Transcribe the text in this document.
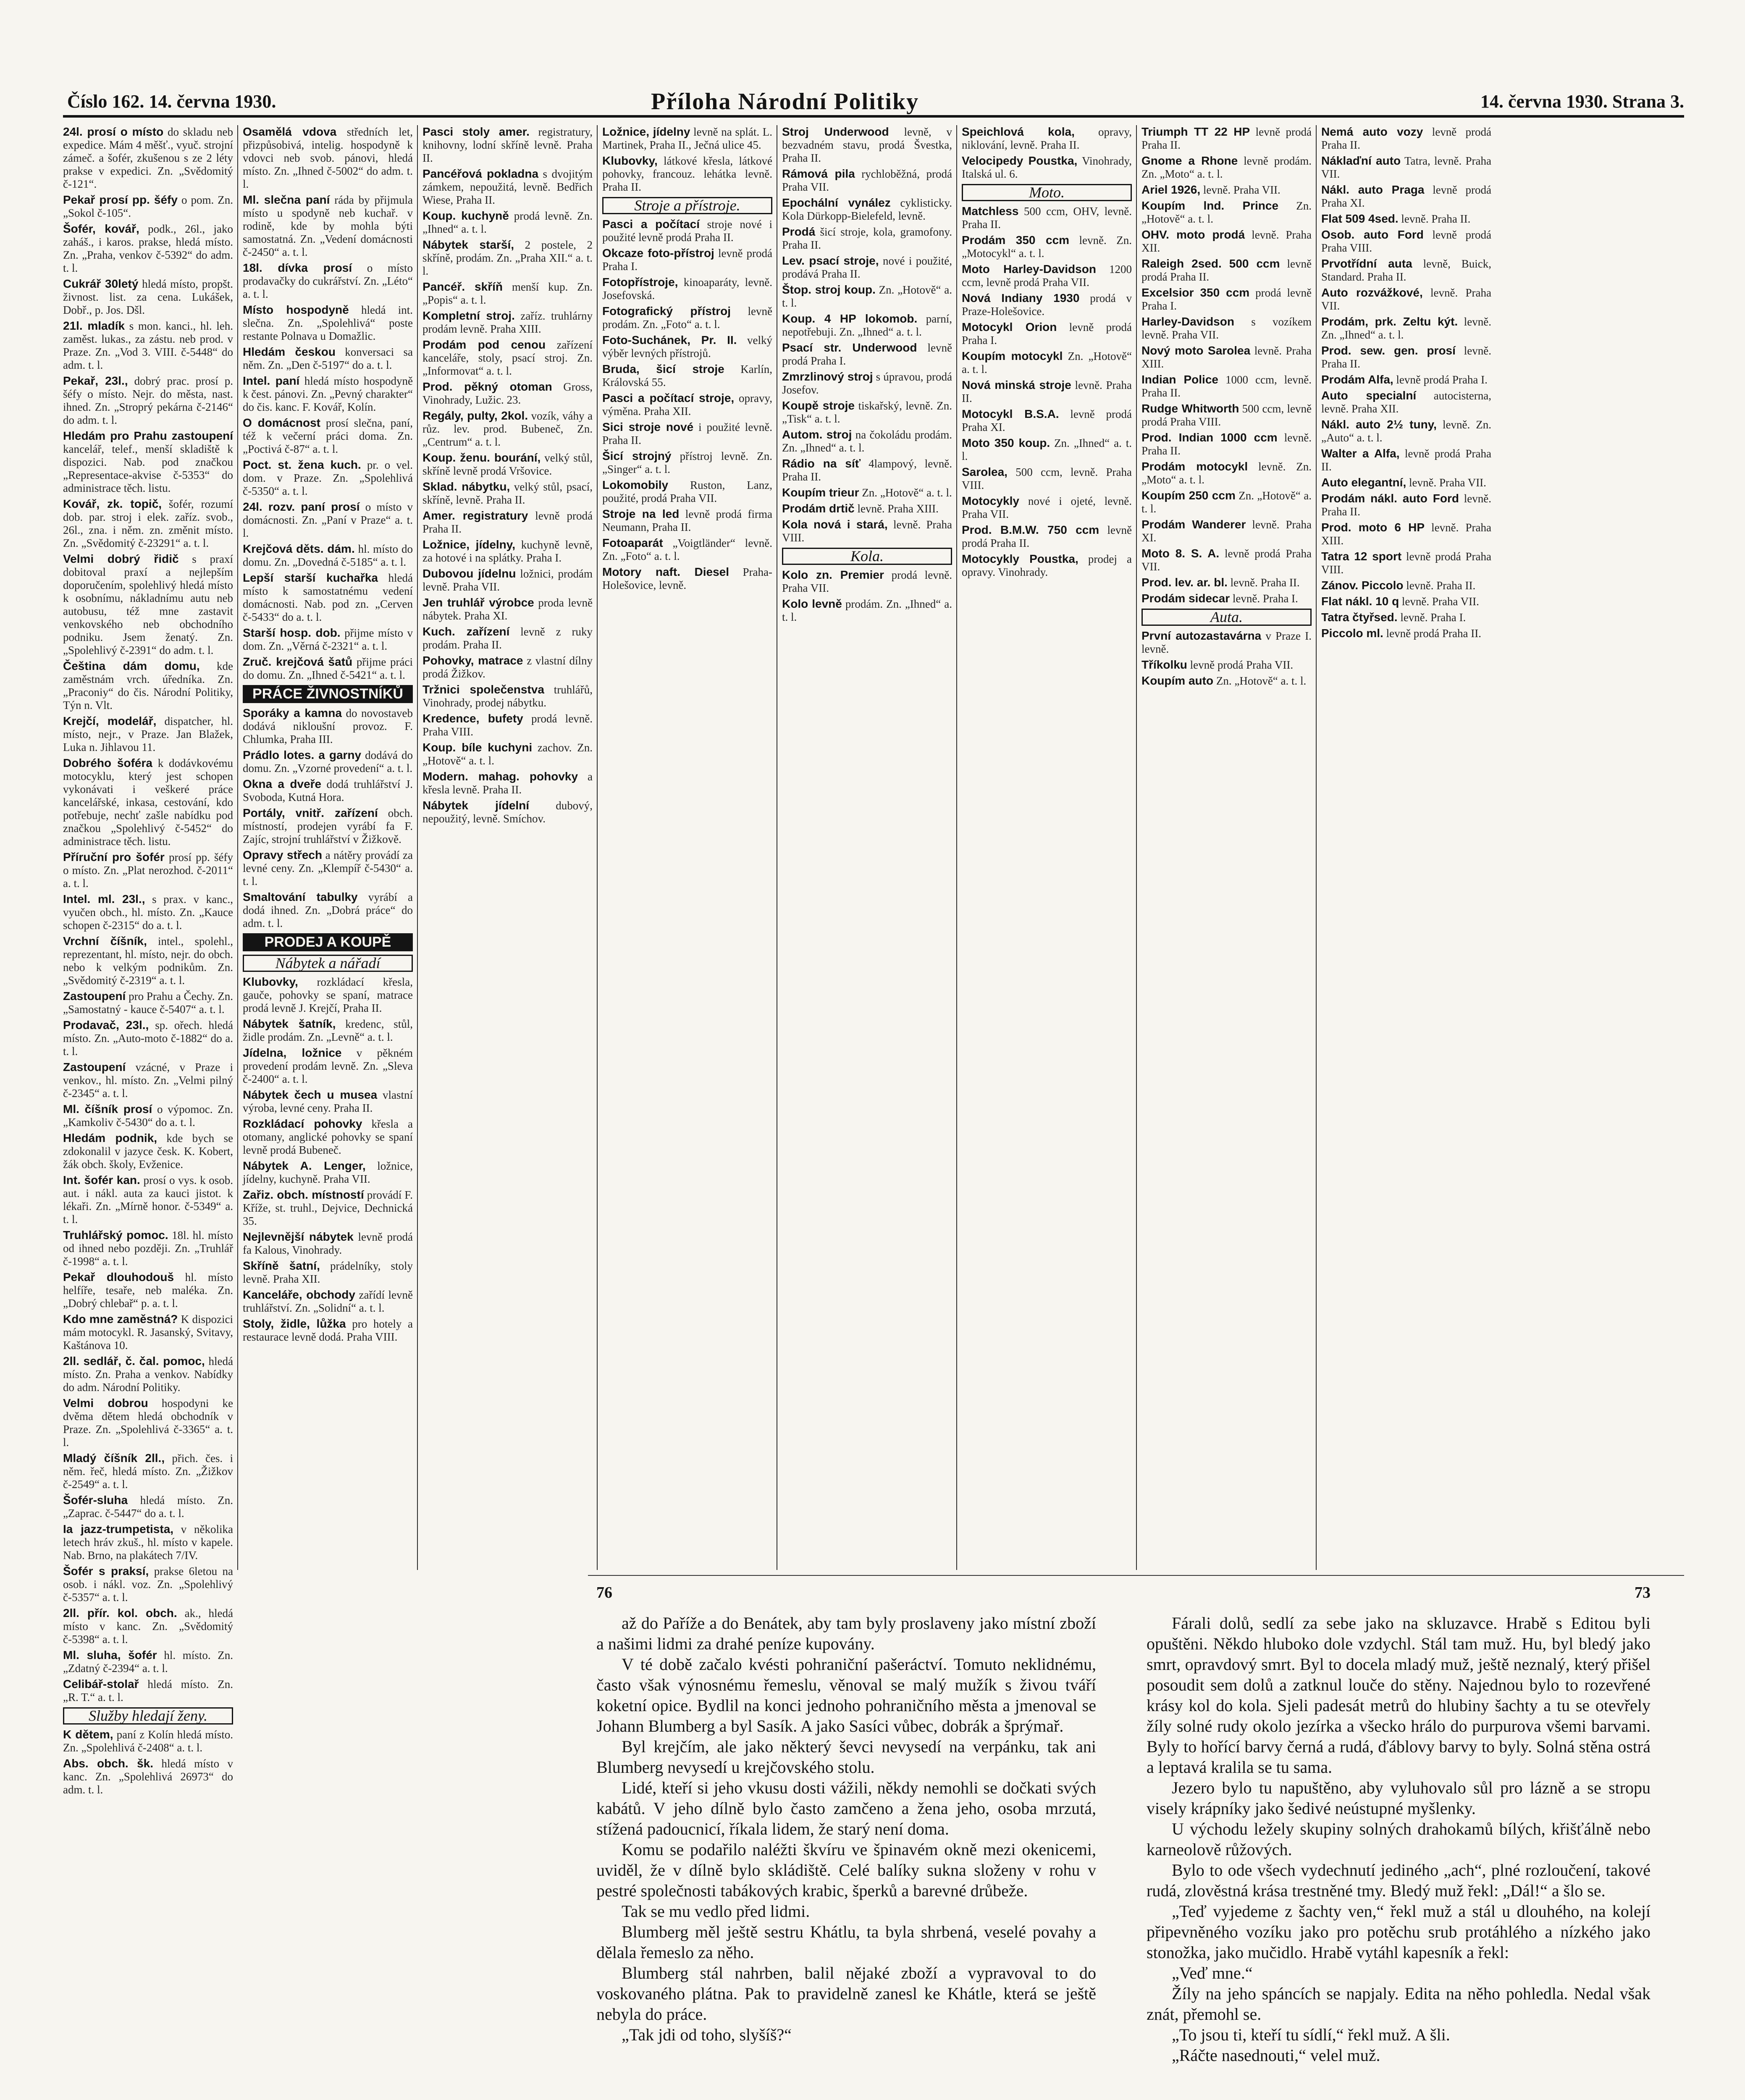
Číslo 162. 14. června 1930.	Příloha Národní Politiky	14. června 1930. Strana 3.
24l. prosí o místo do skladu neb expedice. Mám 4 měšť., vyuč. strojní zámeč. a šofér, zkušenou s ze 2 léty prakse v expedici. Zn. „Svědomitý č-121“.
Pekař prosí pp. šéfy o pom. Zn. „Sokol č-105“.
Šofér, kovář, podk., 26l., jako zaháš., i karos. prakse, hledá místo. Zn. „Praha, venkov č-5392“ do adm. t. l.
Cukrář 30letý hledá místo, propšt. živnost. list. za cena. Lukášek, Dobř., p. Jos. Dšl.
21l. mladík s mon. kanci., hl. leh. zaměst. lukas., za zástu. neb prod. v Praze. Zn. „Vod 3. VIII. č-5448“ do adm. t. l.
Pekař, 23l., dobrý prac. prosí p. šéfy o místo. Nejr. do města, nast. ihned. Zn. „Stroprý pekárna č-2146“ do adm. t. l.
Hledám pro Prahu zastoupení kancelář, telef., menší skladiště k dispozici. Nab. pod značkou „Representace-akvise č-5353“ do administrace těch. listu.
Kovář, zk. topič, šofér, rozumí dob. par. stroj i elek. zaříz. svob., 26l., zna. i něm. zn. změnit místo. Zn. „Svědomitý č-23291“ a. t. l.
Velmi dobrý řidič s praxí dobitoval praxí a nejlepším doporučením, spolehlivý hledá místo k osobnímu, nákladnímu autu neb autobusu, též mne zastavit venkovského neb obchodního podniku. Jsem ženatý. Zn. „Spolehlivý č-2391“ do adm. t. l.
Čeština dám domu, kde zaměstnám vrch. úředníka. Zn. „Praconiy“ do čis. Národní Politiky, Týn n. Vlt.
Krejčí, modelář, dispatcher, hl. místo, nejr., v Praze. Jan Blažek, Luka n. Jihlavou 11.
Dobrého šoféra k dodávkovému motocyklu, který jest schopen vykonávati i veškeré práce kancelářské, inkasa, cestování, kdo potřebuje, nechť zašle nabídku pod značkou „Spolehlivý č-5452“ do administrace těch. listu.
Příruční pro šofér prosí pp. šéfy o místo. Zn. „Plat nerozhod. č-2011“ a. t. l.
Intel. ml. 23l., s prax. v kanc., vyučen obch., hl. místo. Zn. „Kauce schopen č-2315“ do a. t. l.
Vrchní číšník, intel., spolehl., reprezentant, hl. místo, nejr. do obch. nebo k velkým podnikům. Zn. „Svědomitý č-2319“ a. t. l.
Zastoupení pro Prahu a Čechy. Zn. „Samostatný - kauce č-5407“ a. t. l.
Prodavač, 23l., sp. ořech. hledá místo. Zn. „Auto-moto č-1882“ do a. t. l.
Zastoupení vzácné, v Praze i venkov., hl. místo. Zn. „Velmi pilný č-2345“ a. t. l.
Ml. číšník prosí o výpomoc. Zn. „Kamkoliv č-5430“ do a. t. l.
Hledám podnik, kde bych se zdokonalil v jazyce česk. K. Kobert, žák obch. školy, Evženice.
Int. šofér kan. prosí o vys. k osob. aut. i nákl. auta za kauci jistot. k lékaři. Zn. „Mírně honor. č-5349“ a. t. l.
Truhlářský pomoc. 18l. hl. místo od ihned nebo později. Zn. „Truhlář č-1998“ a. t. l.
Pekař dlouhodouš hl. místo helfíře, tesaře, neb maléka. Zn. „Dobrý chlebař“ p. a. t. l.
Kdo mne zaměstná? K dispozici mám motocykl. R. Jasanský, Svitavy, Kaštánova 10.
2ll. sedlář, č. čal. pomoc, hledá místo. Zn. Praha a venkov. Nabídky do adm. Národní Politiky.
Velmi dobrou hospodyni ke dvěma dětem hledá obchodník v Praze. Zn. „Spolehlivá č-3365“ a. t. l.
Mladý číšník 2ll., přich. čes. i něm. řeč, hledá místo. Zn. „Žižkov č-2549“ a. t. l.
Šofér-sluha hledá místo. Zn. „Zaprac. č-5447“ do a. t. l.
Ia jazz-trumpetista, v několika letech hráv zkuš., hl. místo v kapele. Nab. Brno, na plakátech 7/IV.
Šofér s praksí, prakse 6letou na osob. i nákl. voz. Zn. „Spolehlivý č-5357“ a. t. l.
2ll. přír. kol. obch. ak., hledá místo v kanc. Zn. „Svědomitý č-5398“ a. t. l.
Ml. sluha, šofér hl. místo. Zn. „Zdatný č-2394“ a. t. l.
Celibář-stolař hledá místo. Zn. „R. T.“ a. t. l.
Služby hledají ženy.
K dětem, paní z Kolín hledá místo. Zn. „Spolehlivá č-2408“ a. t. l.
Abs. obch. šk. hledá místo v kanc. Zn. „Spolehlivá 26973“ do adm. t. l.
Osamělá vdova středních let, přizpůsobivá, intelig. hospodyně k vdovci neb svob. pánovi, hledá místo. Zn. „Ihned č-5002“ do adm. t. l.
Ml. slečna paní ráda by přijmula místo u spodyně neb kuchař. v rodině, kde by mohla býti samostatná. Zn. „Vedení domácnosti č-2450“ a. t. l.
18l. dívka prosí o místo prodavačky do cukrářství. Zn. „Léto“ a. t. l.
Místo hospodyně hledá int. slečna. Zn. „Spolehlivá“ poste restante Polnava u Domažlic.
Hledám českou konversaci sa něm. Zn. „Den č-5197“ do a. t. l.
Intel. paní hledá místo hospodyně k čest. pánovi. Zn. „Pevný charakter“ do čis. kanc. F. Kovář, Kolín.
O domácnost prosí slečna, paní, též k večerní práci doma. Zn. „Poctivá č-87“ a. t. l.
Poct. st. žena kuch. pr. o vel. dom. v Praze. Zn. „Spolehlivá č-5350“ a. t. l.
24l. rozv. paní prosí o místo v domácnosti. Zn. „Paní v Praze“ a. t. l.
Krejčová děts. dám. hl. místo do domu. Zn. „Dovedná č-5185“ a. t. l.
Lepší starší kuchařka hledá místo k samostatnému vedení domácnosti. Nab. pod zn. „Cerven č-5433“ do a. t. l.
Starší hosp. dob. přijme místo v dom. Zn. „Věrná č-2321“ a. t. l.
Zruč. krejčová šatů přijme práci do domu. Zn. „Ihned č-5421“ a. t. l.
PRÁCE ŽIVNOSTNÍKŮ
Sporáky a kamna do novostaveb dodává nikloušní provoz. F. Chlumka, Praha III.
Prádlo lotes. a garny dodává do domu. Zn. „Vzorné provedení“ a. t. l.
Okna a dveře dodá truhlářství J. Svoboda, Kutná Hora.
Portály, vnitř. zařízení obch. místností, prodejen vyrábí fa F. Zajíc, strojní truhlářství v Žižkově.
Opravy střech a nátěry provádí za levné ceny. Zn. „Klempíř č-5430“ a. t. l.
Smaltování tabulky vyrábí a dodá ihned. Zn. „Dobrá práce“ do adm. t. l.
PRODEJ A KOUPĚ
Nábytek a nářadí
Klubovky, rozkládací křesla, gauče, pohovky se spaní, matrace prodá levně J. Krejčí, Praha II.
Nábytek šatník, kredenc, stůl, židle prodám. Zn. „Levně“ a. t. l.
Jídelna, ložnice v pěkném provedení prodám levně. Zn. „Sleva č-2400“ a. t. l.
Nábytek čech u musea vlastní výroba, levné ceny. Praha II.
Rozkládací pohovky křesla a otomany, anglické pohovky se spaní levně prodá Bubeneč.
Nábytek A. Lenger, ložnice, jídelny, kuchyně. Praha VII.
Zařiz. obch. místností provádí F. Kříže, st. truhl., Dejvice, Dechnická 35.
Nejlevnější nábytek levně prodá fa Kalous, Vinohrady.
Skříně šatní, prádelníky, stoly levně. Praha XII.
Kanceláře, obchody zařídí levně truhlářství. Zn. „Solidní“ a. t. l.
Stoly, židle, lůžka pro hotely a restaurace levně dodá. Praha VIII.
Pasci stoly amer. registratury, knihovny, lodní skříně levně. Praha II.
Pancéřová pokladna s dvojitým zámkem, nepoužitá, levně. Bedřich Wiese, Praha II.
Koup. kuchyně prodá levně. Zn. „Ihned“ a. t. l.
Nábytek starší, 2 postele, 2 skříně, prodám. Zn. „Praha XII.“ a. t. l.
Pancéř. skříň menší kup. Zn. „Popis“ a. t. l.
Kompletní stroj. zaříz. truhlárny prodám levně. Praha XIII.
Prodám pod cenou zařízení kanceláře, stoly, psací stroj. Zn. „Informovat“ a. t. l.
Prod. pěkný otoman Gross, Vinohrady, Lužic. 23.
Regály, pulty, 2kol. vozík, váhy a růz. lev. prod. Bubeneč, Zn. „Centrum“ a. t. l.
Koup. ženu. bourání, velký stůl, skříně levně prodá Vršovice.
Sklad. nábytku, velký stůl, psací, skříně, levně. Praha II.
Amer. registratury levně prodá Praha II.
Ložnice, jídelny, kuchyně levně, za hotové i na splátky. Praha I.
Dubovou jídelnu ložnici, prodám levně. Praha VII.
Jen truhlář výrobce proda levně nábytek. Praha XI.
Kuch. zařízení levně z ruky prodám. Praha II.
Pohovky, matrace z vlastní dílny prodá Žižkov.
Tržnici společenstva truhlářů, Vinohrady, prodej nábytku.
Kredence, bufety prodá levně. Praha VIII.
Koup. bíle kuchyni zachov. Zn. „Hotově“ a. t. l.
Modern. mahag. pohovky a křesla levně. Praha II.
Nábytek jídelní dubový, nepoužitý, levně. Smíchov.
Ložnice, jídelny levně na splát. L. Martinek, Praha II., Ječná ulice 45.
Klubovky, látkové křesla, látkové pohovky, francouz. lehátka levně. Praha II.
Stroje a přístroje.
Pasci a počítací stroje nové i použité levně prodá Praha II.
Okcaze foto-přístroj levně prodá Praha I.
Fotopřístroje, kinoaparáty, levně. Josefovská.
Fotografický přístroj levně prodám. Zn. „Foto“ a. t. l.
Foto-Suchánek, Pr. II. velký výběr levných přístrojů.
Bruda, šicí stroje Karlín, Královská 55.
Pasci a počítací stroje, opravy, výměna. Praha XII.
Sici stroje nové i použité levně. Praha II.
Šicí strojný přístroj levně. Zn. „Singer“ a. t. l.
Lokomobily Ruston, Lanz, použité, prodá Praha VII.
Stroje na led levně prodá firma Neumann, Praha II.
Fotoaparát „Voigtländer“ levně. Zn. „Foto“ a. t. l.
Motory naft. Diesel Praha-Holešovice, levně.
Stroj Underwood levně, v bezvadném stavu, prodá Švestka, Praha II.
Rámová pila rychloběžná, prodá Praha VII.
Epochální vynález cyklisticky. Kola Dürkopp-Bielefeld, levně.
Prodá šicí stroje, kola, gramofony. Praha II.
Lev. psací stroje, nové i použité, prodává Praha II.
Štop. stroj koup. Zn. „Hotově“ a. t. l.
Koup. 4 HP lokomob. parní, nepotřebuji. Zn. „Ihned“ a. t. l.
Psací str. Underwood levně prodá Praha I.
Zmrzlinový stroj s úpravou, prodá Josefov.
Koupě stroje tiskařský, levně. Zn. „Tisk“ a. t. l.
Autom. stroj na čokoládu prodám. Zn. „Ihned“ a. t. l.
Rádio na síť 4lampový, levně. Praha II.
Koupím trieur Zn. „Hotově“ a. t. l.
Prodám drtič levně. Praha XIII.
Kola nová i stará, levně. Praha VIII.
Kola.
Kolo zn. Premier prodá levně. Praha VII.
Kolo levně prodám. Zn. „Ihned“ a. t. l.
Speichlová kola, opravy, niklování, levně. Praha II.
Velocipedy Poustka, Vinohrady, Italská ul. 6.
Moto.
Matchless 500 ccm, OHV, levně. Praha II.
Prodám 350 ccm levně. Zn. „Motocykl“ a. t. l.
Moto Harley-Davidson 1200 ccm, levně prodá Praha VII.
Nová Indiany 1930 prodá v Praze-Holešovice.
Motocykl Orion levně prodá Praha I.
Koupím motocykl Zn. „Hotově“ a. t. l.
Nová minská stroje levně. Praha II.
Motocykl B.S.A. levně prodá Praha XI.
Moto 350 koup. Zn. „Ihned“ a. t. l.
Sarolea, 500 ccm, levně. Praha VIII.
Motocykly nové i ojeté, levně. Praha VII.
Prod. B.M.W. 750 ccm levně prodá Praha II.
Motocykly Poustka, prodej a opravy. Vinohrady.
Triumph TT 22 HP levně prodá Praha II.
Gnome a Rhone levně prodám. Zn. „Moto“ a. t. l.
Ariel 1926, levně. Praha VII.
Koupím lnd. Prince Zn. „Hotově“ a. t. l.
OHV. moto prodá levně. Praha XII.
Raleigh 2sed. 500 ccm levně prodá Praha II.
Excelsior 350 ccm prodá levně Praha I.
Harley-Davidson s vozíkem levně. Praha VII.
Nový moto Sarolea levně. Praha XIII.
Indian Police 1000 ccm, levně. Praha II.
Rudge Whitworth 500 ccm, levně prodá Praha VIII.
Prod. Indian 1000 ccm levně. Praha II.
Prodám motocykl levně. Zn. „Moto“ a. t. l.
Koupím 250 ccm Zn. „Hotově“ a. t. l.
Prodám Wanderer levně. Praha XI.
Moto 8. S. A. levně prodá Praha VII.
Prod. lev. ar. bl. levně. Praha II.
Prodám sidecar levně. Praha I.
Auta.
První autozastavárna v Praze I. levně.
Tříkolku levně prodá Praha VII.
Koupím auto Zn. „Hotově“ a. t. l.
Nemá auto vozy levně prodá Praha II.
Náklaďní auto Tatra, levně. Praha VII.
Nákl. auto Praga levně prodá Praha XI.
Flat 509 4sed. levně. Praha II.
Osob. auto Ford levně prodá Praha VIII.
Prvotřídní auta levně, Buick, Standard. Praha II.
Auto rozvážkové, levně. Praha VII.
Prodám, prk. Zeltu kýt. levně. Zn. „Ihned“ a. t. l.
Prod. sew. gen. prosí levně. Praha II.
Prodám Alfa, levně prodá Praha I.
Auto specialní autocisterna, levně. Praha XII.
Nákl. auto 2½ tuny, levně. Zn. „Auto“ a. t. l.
Walter a Alfa, levně prodá Praha II.
Auto elegantní, levně. Praha VII.
Prodám nákl. auto Ford levně. Praha II.
Prod. moto 6 HP levně. Praha XIII.
Tatra 12 sport levně prodá Praha VIII.
Zánov. Piccolo levně. Praha II.
Flat nákl. 10 q levně. Praha VII.
Tatra čtyřsed. levně. Praha I.
Piccolo ml. levně prodá Praha II.
76

až do Paříže a do Benátek, aby tam byly proslaveny jako místní zboží a našimi lidmi za drahé peníze kupovány.

V té době začalo kvésti pohraniční pašeráctví. Tomuto neklidnému, často však výnosnému řemeslu, věnoval se malý mužík s živou tváří koketní opice. Bydlil na konci jednoho pohraničního města a jmenoval se Johann Blumberg a byl Sasík. A jako Sasíci vůbec, dobrák a šprýmař.

Byl krejčím, ale jako některý ševci nevysedí na verpánku, tak ani Blumberg nevysedí u krejčovského stolu.

Lidé, kteří si jeho vkusu dosti vážili, někdy nemohli se dočkati svých kabátů. V jeho dílně bylo často zamčeno a žena jeho, osoba mrzutá, stížená padoucnicí, říkala lidem, že starý není doma.

Komu se podařilo naléžti škvíru ve špinavém okně mezi okenicemi, uviděl, že v dílně bylo skládiště. Celé balíky sukna složeny v rohu v pestré společnosti tabákových krabic, šperků a barevné drůbeže.

Tak se mu vedlo před lidmi.

Blumberg měl ještě sestru Khátlu, ta byla shrbená, veselé povahy a dělala řemeslo za něho.

Blumberg stál nahrben, balil nějaké zboží a vypravoval to do voskovaného plátna. Pak to pravidelně zanesl ke Khátle, která se ještě nebyla do práce.

„Tak jdi od toho, slyšíš?“

73

Fárali dolů, sedlí za sebe jako na skluzavce. Hrabě s Editou byli opuštěni. Někdo hluboko dole vzdychl. Stál tam muž. Hu, byl bledý jako smrt, opravdový smrt. Byl to docela mladý muž, ještě neznalý, který přišel posoudit sem dolů a zatknul louče do stěny. Najednou bylo to rozevřené krásy kol do kola. Sjeli padesát metrů do hlubiny šachty a tu se otevřely žíly solné rudy okolo jezírka a všecko hrálo do purpurova všemi barvami. Byly to hořící barvy černá a rudá, ďáblovy barvy to byly. Solná stěna ostrá a leptavá kralila se tu sama.

Jezero bylo tu napuštěno, aby vyluhovalo sůl pro lázně a se stropu visely krápníky jako šedivé neústupné myšlenky.

U východu ležely skupiny solných drahokamů bílých, křišťálně nebo karneolově růžových.

Bylo to ode všech vydechnutí jediného „ach“, plné rozloučení, takové rudá, zlověstná krása trestněné tmy. Bledý muž řekl: „Dál!“ a šlo se.

„Teď vyjedeme z šachty ven,“ řekl muž a stál u dlouhého, na kolejí připevněného vozíku jako pro potěchu srub protáhlého a nízkého jako stonožka, jako mučidlo. Hrabě vytáhl kapesník a řekl:

„Veď mne.“

Žíly na jeho spáncích se napjaly. Edita na něho pohledla. Nedal však znát, přemohl se.

„To jsou ti, kteří tu sídlí,“ řekl muž. A šli.

„Ráčte nasednouti,“ velel muž.
